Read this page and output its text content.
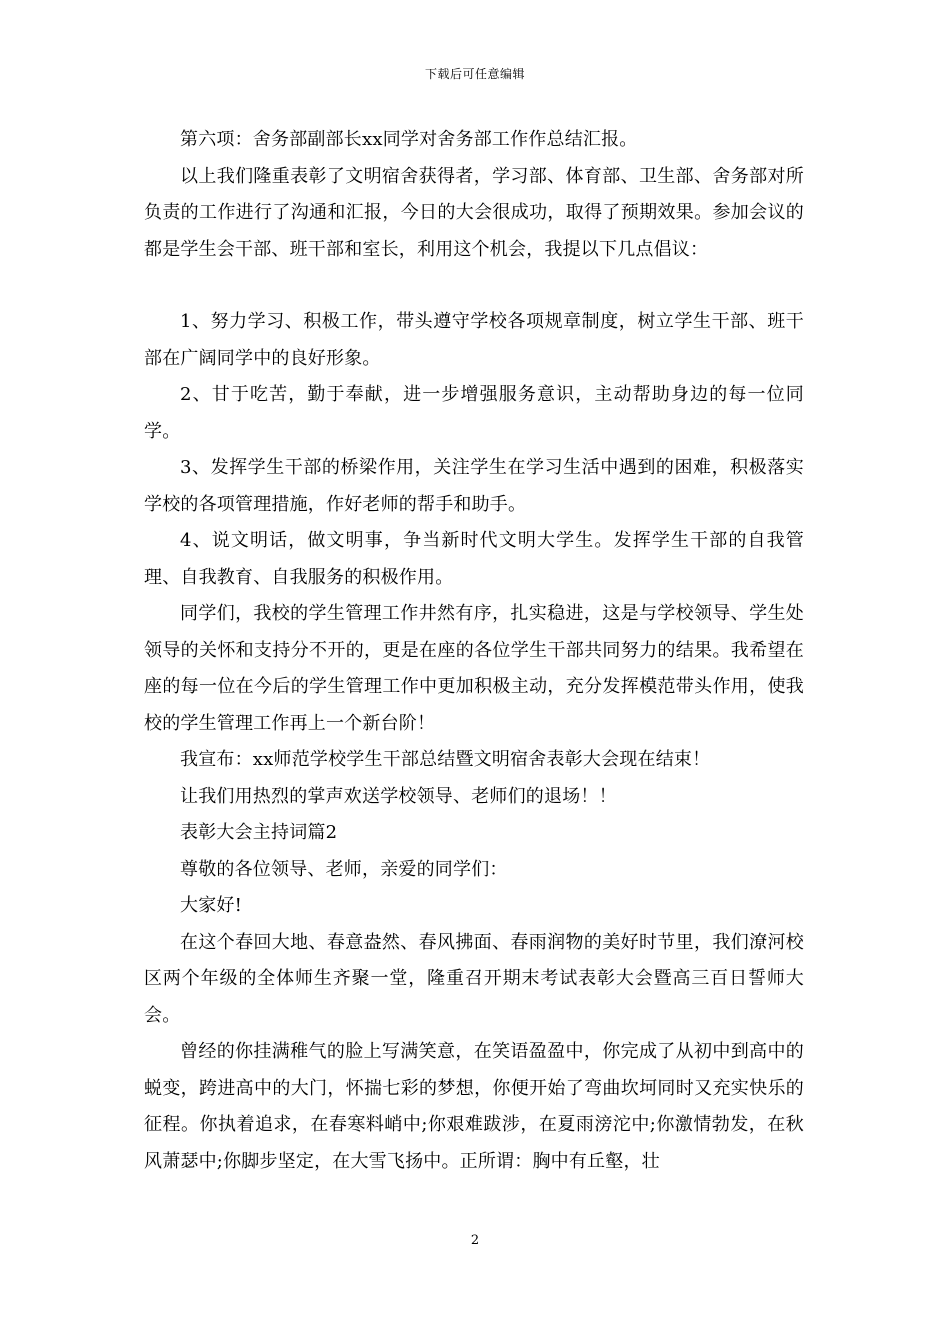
下载后可任意编辑

第六项：舍务部副部长xx同学对舍务部工作作总结汇报。

以上我们隆重表彰了文明宿舍获得者，学习部、体育部、卫生部、舍务部对所负责的工作进行了沟通和汇报，今日的大会很成功，取得了预期效果。参加会议的都是学生会干部、班干部和室长，利用这个机会，我提以下几点倡议：

1、努力学习、积极工作，带头遵守学校各项规章制度，树立学生干部、班干部在广阔同学中的良好形象。

2、甘于吃苦，勤于奉献，进一步增强服务意识，主动帮助身边的每一位同学。

3、发挥学生干部的桥梁作用，关注学生在学习生活中遇到的困难，积极落实学校的各项管理措施，作好老师的帮手和助手。

4、说文明话，做文明事，争当新时代文明大学生。发挥学生干部的自我管理、自我教育、自我服务的积极作用。

同学们，我校的学生管理工作井然有序，扎实稳进，这是与学校领导、学生处领导的关怀和支持分不开的，更是在座的各位学生干部共同努力的结果。我希望在座的每一位在今后的学生管理工作中更加积极主动，充分发挥模范带头作用，使我校的学生管理工作再上一个新台阶！

我宣布：xx师范学校学生干部总结暨文明宿舍表彰大会现在结束！

让我们用热烈的掌声欢送学校领导、老师们的退场！！

表彰大会主持词篇2

尊敬的各位领导、老师，亲爱的同学们：

大家好!

在这个春回大地、春意盎然、春风拂面、春雨润物的美好时节里，我们潦河校区两个年级的全体师生齐聚一堂，隆重召开期末考试表彰大会暨高三百日誓师大会。

曾经的你挂满稚气的脸上写满笑意，在笑语盈盈中，你完成了从初中到高中的蜕变，跨进高中的大门，怀揣七彩的梦想，你便开始了弯曲坎坷同时又充实快乐的征程。你执着追求，在春寒料峭中;你艰难跋涉，在夏雨滂沱中;你激情勃发，在秋风萧瑟中;你脚步坚定，在大雪飞扬中。正所谓：胸中有丘壑，壮

2
